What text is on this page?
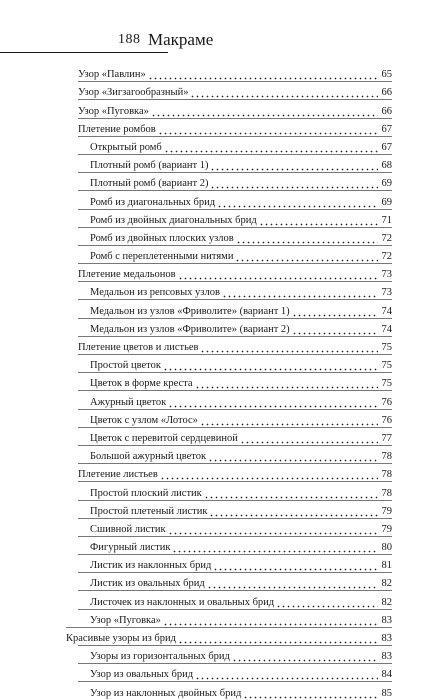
188 Макраме
Узор «Павлин»	65
Узор «Зигзагообразный»	66
Узор «Пуговка»	66
Плетение ромбов	67
Открытый ромб	67
Плотный ромб (вариант 1)	68
Плотный ромб (вариант 2)	69
Ромб из диагональных брид	69
Ромб из двойных диагональных брид	71
Ромб из двойных плоских узлов	72
Ромб с переплетенными нитями	72
Плетение медальонов	73
Медальон из репсовых узлов	73
Медальон из узлов «Фриволите» (вариант 1)	74
Медальон из узлов «Фриволите» (вариант 2)	74
Плетение цветов и листьев	75
Простой цветок	75
Цветок в форме креста	75
Ажурный цветок	76
Цветок с узлом «Лотос»	76
Цветок с перевитой сердцевиной	77
Большой ажурный цветок	78
Плетение листьев	78
Простой плоский листик	78
Простой плетеный листик	79
Сшивной листик	79
Фигурный листик	80
Листик из наклонных брид	81
Листик из овальных брид	82
Листочек из наклонных и овальных брид	82
Узор «Пуговка»	83
Красивые узоры из брид	83
Узоры из горизонтальных брид	83
Узор из овальных брид	84
Узор из наклонных двойных брид	85
